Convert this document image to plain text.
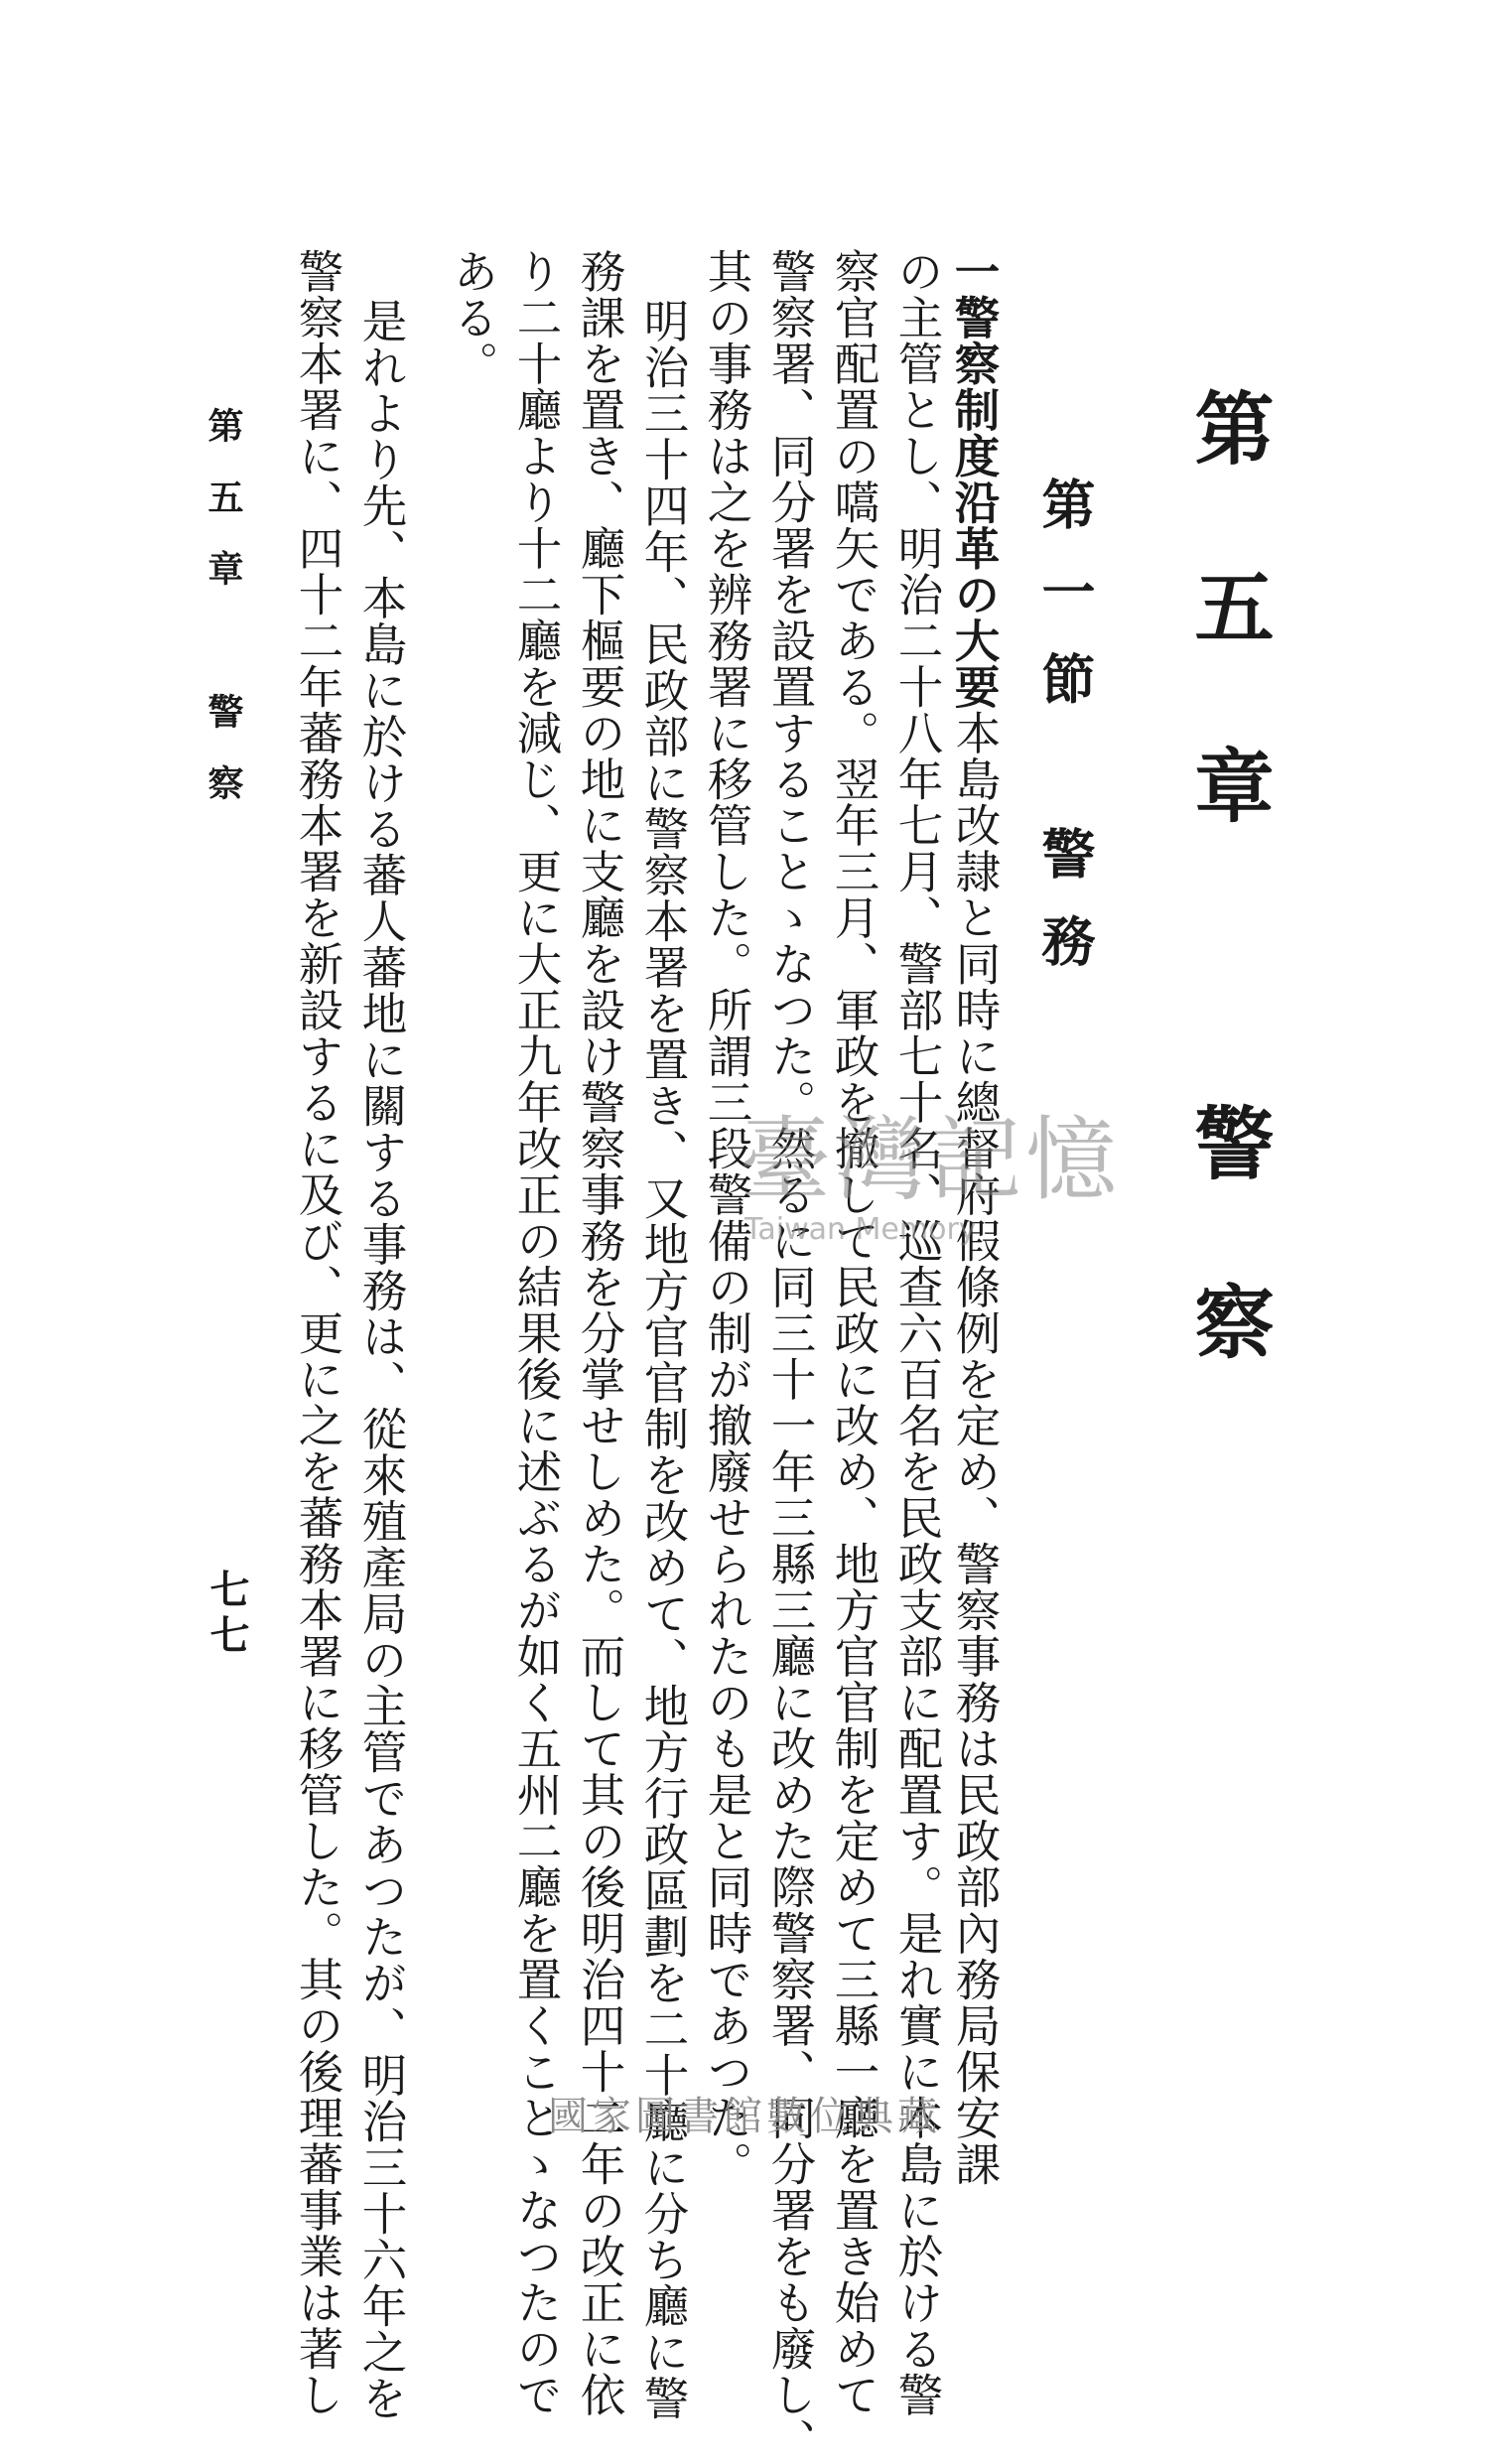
第五章　警察
第一節　警務
一警察制度沿革の大要本島改隷と同時に總督府假條例を定め、警察事務は民政部內務局保安課
の主管とし、明治二十八年七月、警部七十名、巡查六百名を民政支部に配置す。是れ實に本島に於ける警
察官配置の嚆矢である。翌年三月、軍政を撤して民政に改め、地方官官制を定めて三縣一廳を置き始めて
警察署、同分署を設置することゝなつた。然るに同三十一年三縣三廳に改めた際警察署、同分署をも廢し、
其の事務は之を辨務署に移管した。所謂三段警備の制が撤廢せられたのも是と同時であつた。
明治三十四年、民政部に警察本署を置き、又地方官官制を改めて、地方行政區劃を二十廳に分ち廳に警
務課を置き、廳下樞要の地に支廳を設け警察事務を分掌せしめた。而して其の後明治四十二年の改正に依
り二十廳より十二廳を減じ、更に大正九年改正の結果後に述ぶるが如く五州二廳を置くことゝなつたので
ある。
是れより先、本島に於ける蕃人蕃地に關する事務は、從來殖產局の主管であつたが、明治三十六年之を
警察本署に、四十二年蕃務本署を新設するに及び、更に之を蕃務本署に移管した。其の後理蕃事業は著し
第五章　警察
七七
臺灣記憶
Taiwan Memory
國家圖書館數位典藏
